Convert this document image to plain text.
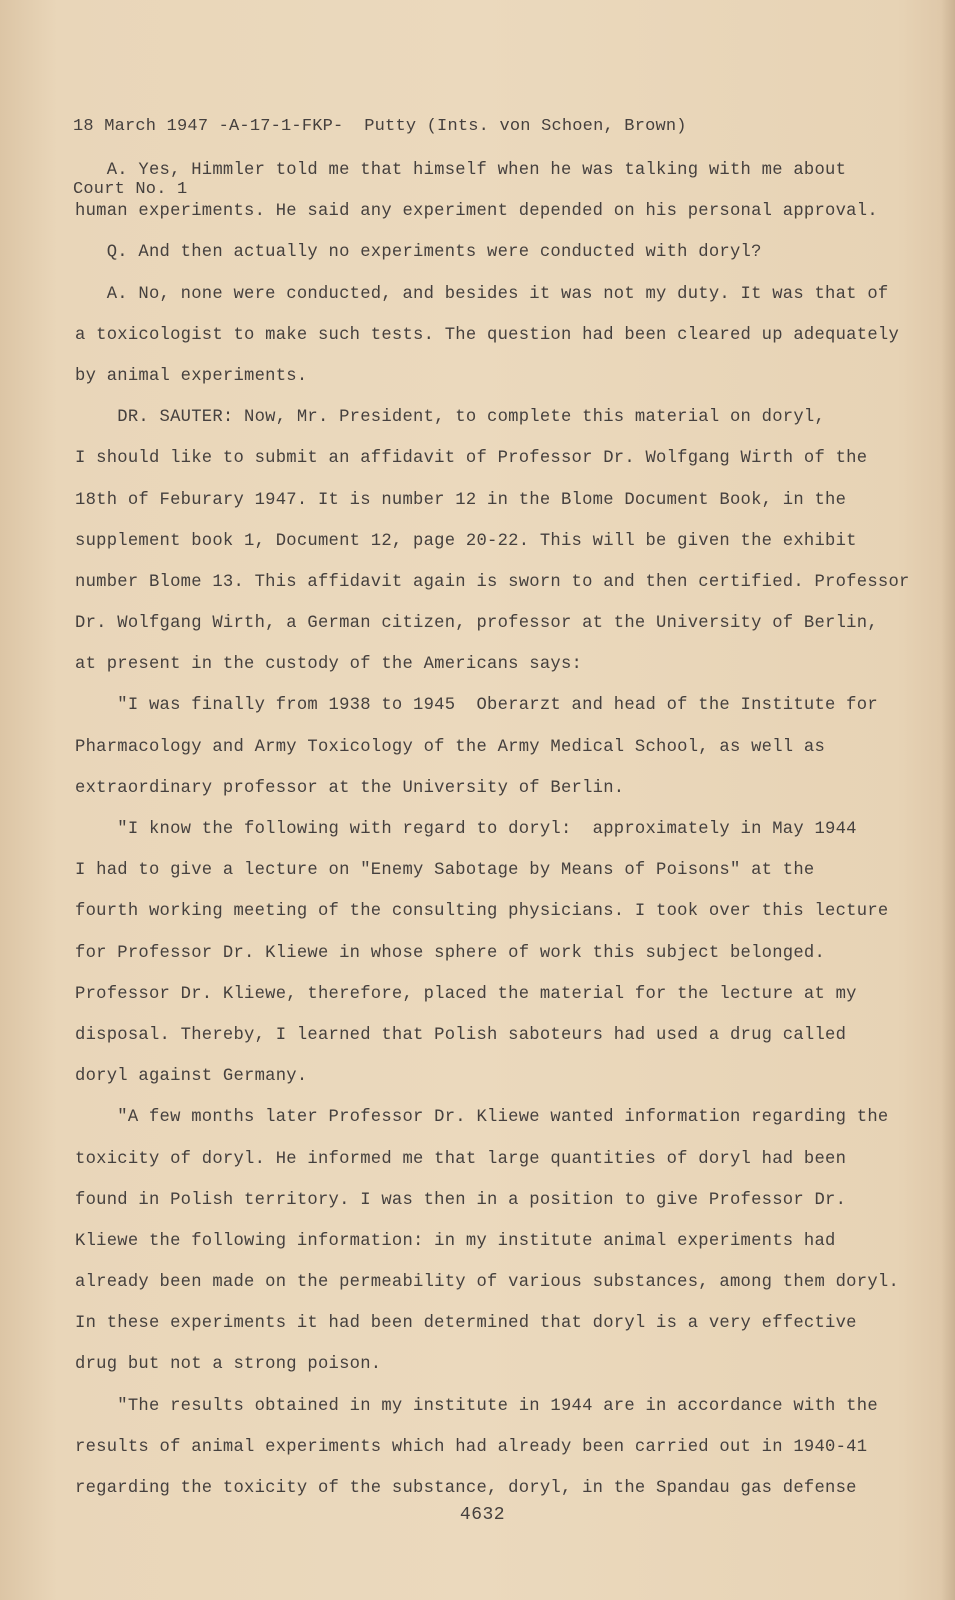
18 March 1947 -A-17-1-FKP-  Putty (Ints. von Schoen, Brown)

Court No. 1

A. Yes, Himmler told me that himself when he was talking with me about
human experiments. He said any experiment depended on his personal approval.
Q. And then actually no experiments were conducted with doryl?
A. No, none were conducted, and besides it was not my duty. It was that of
a toxicologist to make such tests. The question had been cleared up adequately
by animal experiments.
DR. SAUTER: Now, Mr. President, to complete this material on doryl,
I should like to submit an affidavit of Professor Dr. Wolfgang Wirth of the
18th of Feburary 1947. It is number 12 in the Blome Document Book, in the
supplement book 1, Document 12, page 20-22. This will be given the exhibit
number Blome 13. This affidavit again is sworn to and then certified. Professor
Dr. Wolfgang Wirth, a German citizen, professor at the University of Berlin,
at present in the custody of the Americans says:
"I was finally from 1938 to 1945  Oberarzt and head of the Institute for
Pharmacology and Army Toxicology of the Army Medical School, as well as
extraordinary professor at the University of Berlin.
"I know the following with regard to doryl:  approximately in May 1944
I had to give a lecture on "Enemy Sabotage by Means of Poisons" at the
fourth working meeting of the consulting physicians. I took over this lecture
for Professor Dr. Kliewe in whose sphere of work this subject belonged.
Professor Dr. Kliewe, therefore, placed the material for the lecture at my
disposal. Thereby, I learned that Polish saboteurs had used a drug called
doryl against Germany.
"A few months later Professor Dr. Kliewe wanted information regarding the
toxicity of doryl. He informed me that large quantities of doryl had been
found in Polish territory. I was then in a position to give Professor Dr.
Kliewe the following information: in my institute animal experiments had
already been made on the permeability of various substances, among them doryl.
In these experiments it had been determined that doryl is a very effective
drug but not a strong poison.
"The results obtained in my institute in 1944 are in accordance with the
results of animal experiments which had already been carried out in 1940-41
regarding the toxicity of the substance, doryl, in the Spandau gas defense
4632
